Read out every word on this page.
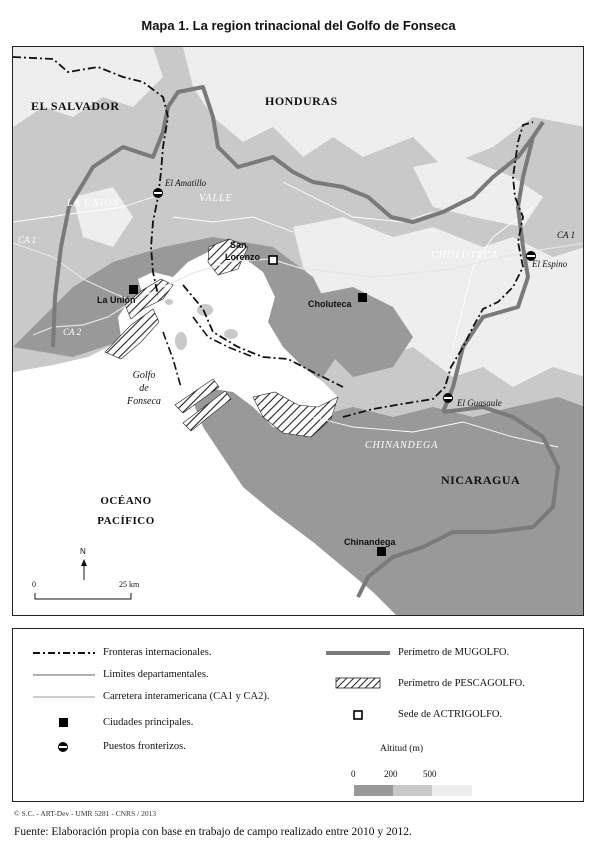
Mapa 1. La region trinacional del Golfo de Fonseca
EL SALVADOR	HONDURAS
NICARAGUA
LA UNION	VALLE
CHOLUTECA
CHINANDEGA
La Unión
San
Lorenzo
Choluteca
Chinandega
El Amatillo
El Espino
El Guasaule
CA 1
CA 2
CA 1
Golfo
de
Fonseca
OCÉANO
PACÍFICO
N
0	25 km
Fronteras internacionales.
Limites departamentales.
Carretera interamericana (CA1 y CA2).
Ciudades principales.
Puestos fronterizos.
Perímetro de MUGOLFO.
Perímetro de PESCAGOLFO.
Sede de ACTRIGOLFO.
Altitud (m)
0	200	500
© S.C. - ART-Dev - UMR 5281 - CNRS / 2013
Fuente: Elaboración propia con base en trabajo de campo realizado entre 2010 y 2012.
